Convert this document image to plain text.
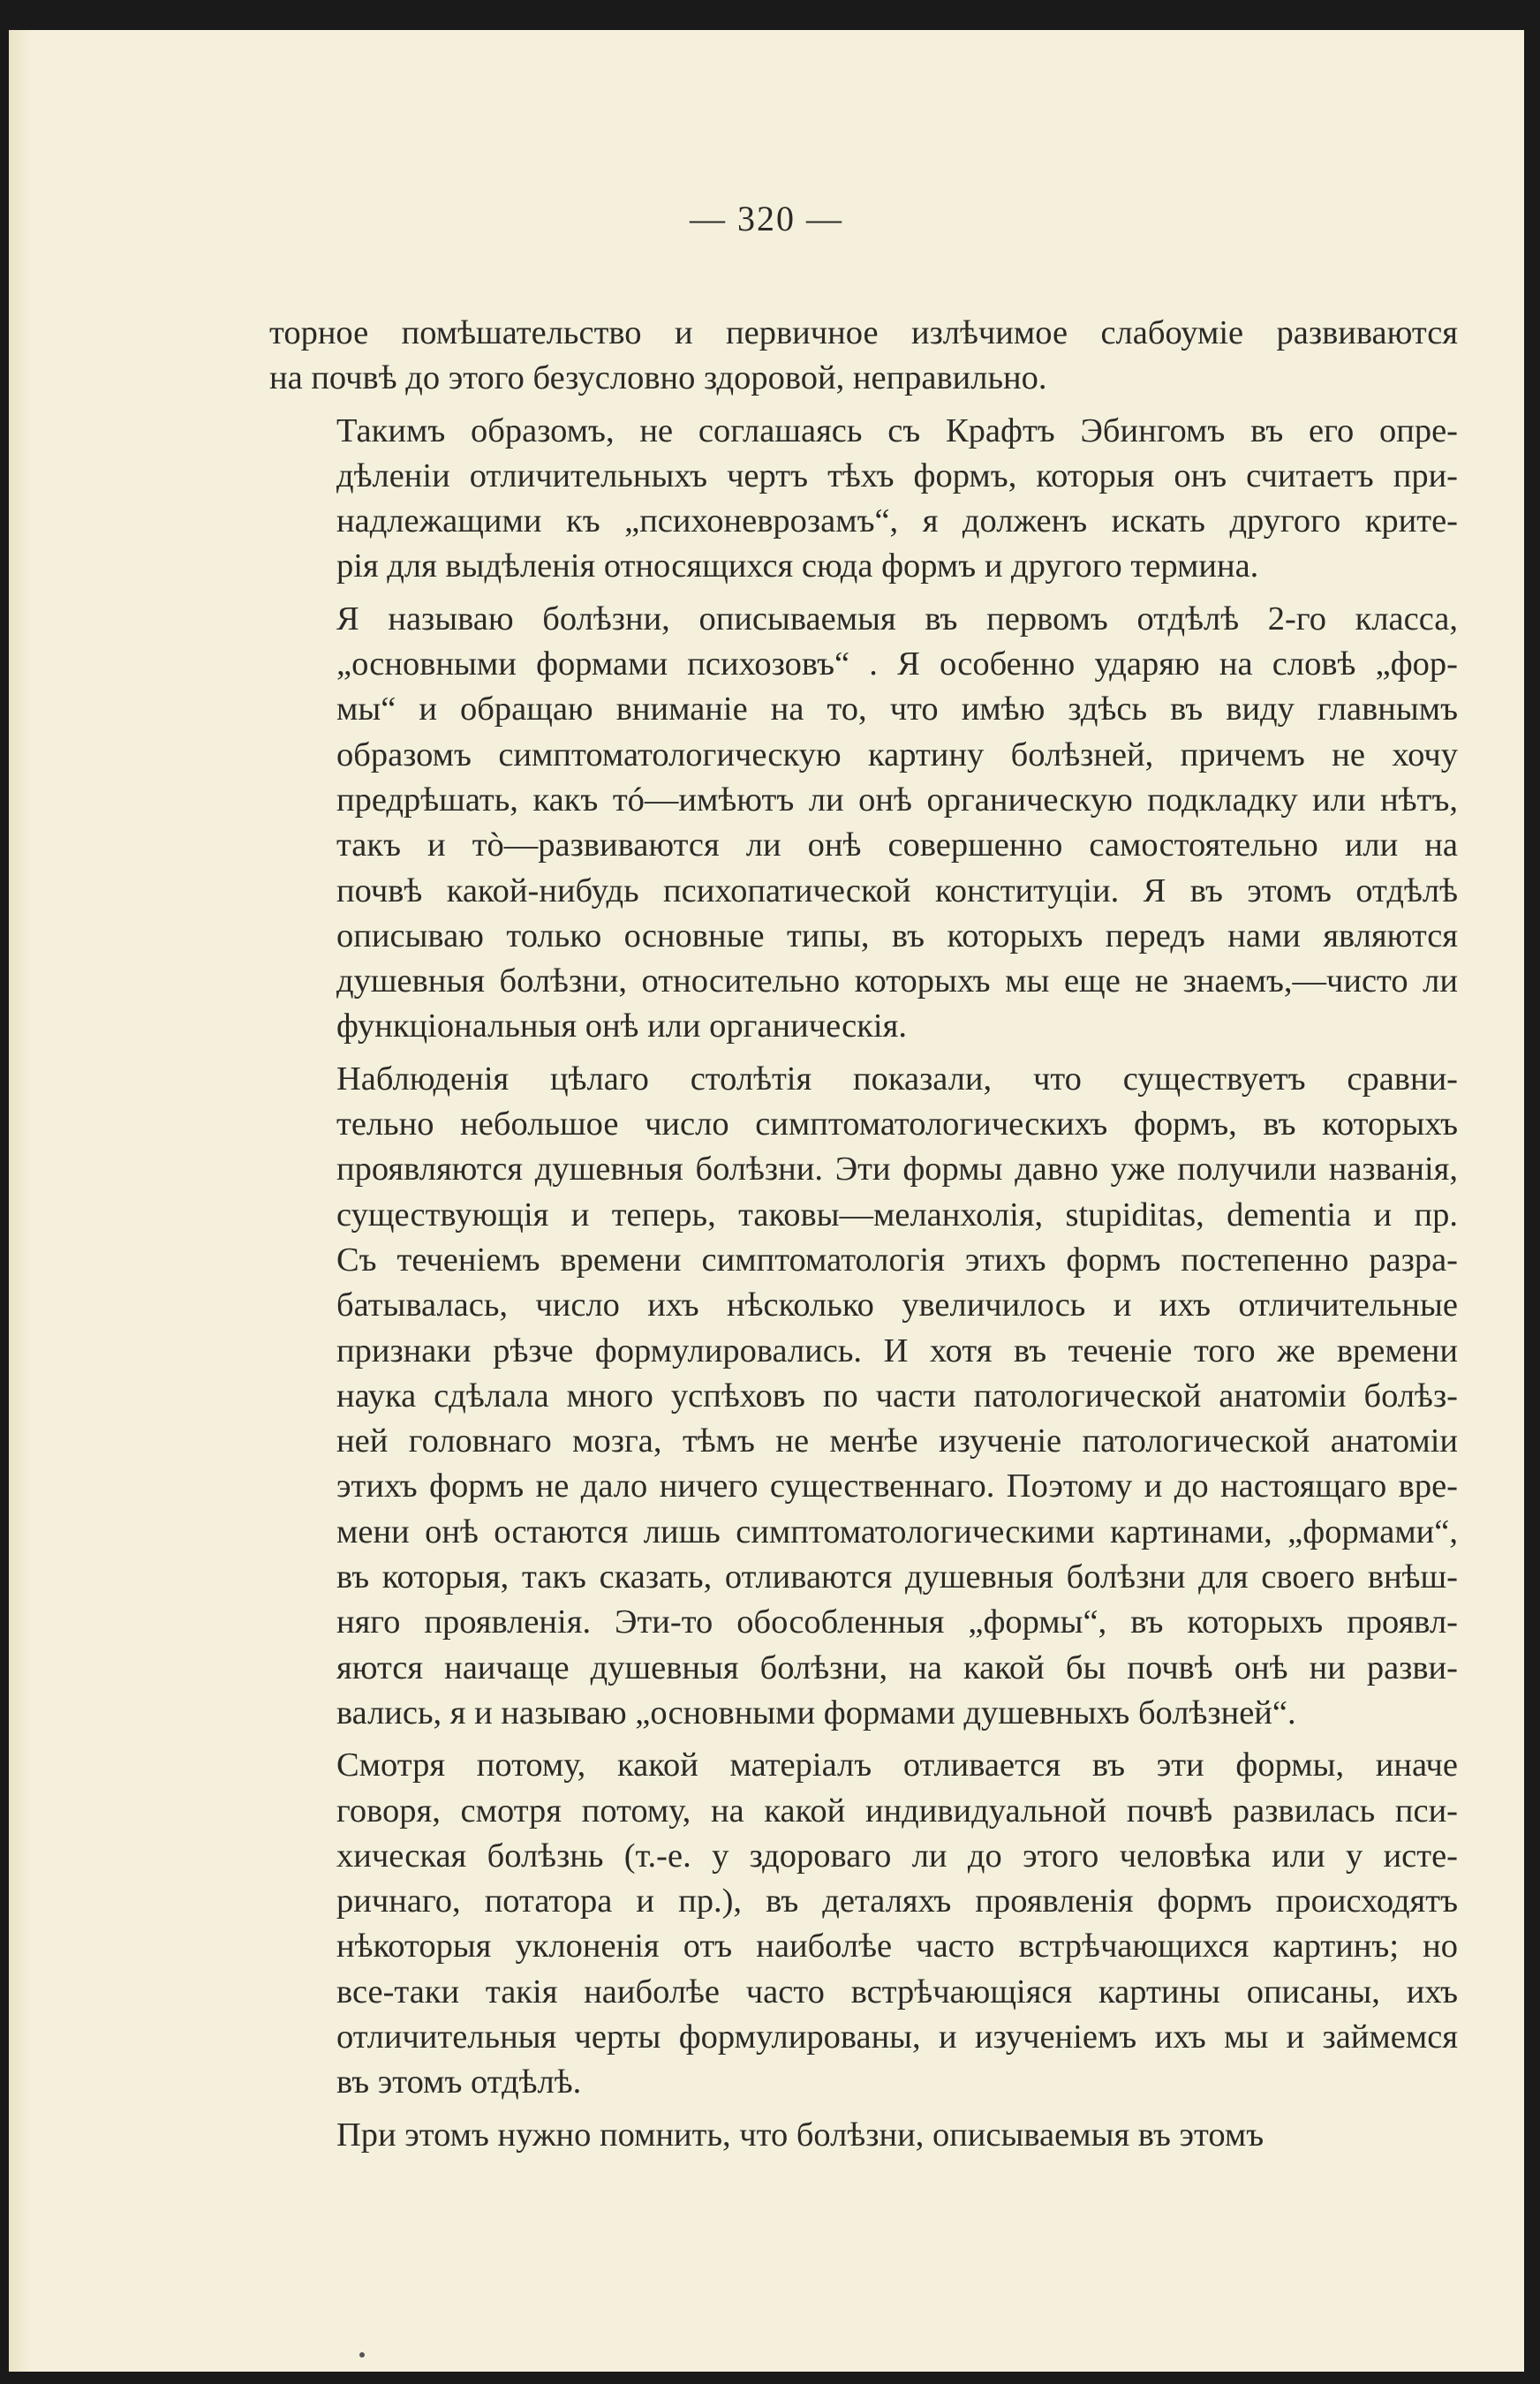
— 320 —
торное помѣшательство и первичное излѣчимое слабоуміе развиваются
на почвѣ до этого безусловно здоровой, неправильно.
Такимъ образомъ, не соглашаясь съ Крафтъ Эбингомъ въ его опре-
дѣленіи отличительныхъ чертъ тѣхъ формъ, которыя онъ считаетъ при-
надлежащими къ „психоневрозамъ“, я долженъ искать другого крите-
рія для выдѣленія относящихся сюда формъ и другого термина.
Я называю болѣзни, описываемыя въ первомъ отдѣлѣ 2-го класса,
„основными формами психозовъ“ . Я особенно ударяю на словѣ „фор-
мы“ и обращаю вниманіе на то, что имѣю здѣсь въ виду главнымъ
образомъ симптоматологическую картину болѣзней, причемъ не хочу
предрѣшать, какъ тó—имѣютъ ли онѣ органическую подкладку или нѣтъ,
такъ и тò—развиваются ли онѣ совершенно самостоятельно или на
почвѣ какой-нибудь психопатической конституціи. Я въ этомъ отдѣлѣ
описываю только основные типы, въ которыхъ передъ нами являются
душевныя болѣзни, относительно которыхъ мы еще не знаемъ,—чисто ли
функціональныя онѣ или органическія.
Наблюденія цѣлаго столѣтія показали, что существуетъ сравни-
тельно небольшое число симптоматологическихъ формъ, въ которыхъ
проявляются душевныя болѣзни. Эти формы давно уже получили названія,
существующія и теперь, таковы—меланхолія, stupiditas, dementia и пр.
Съ теченіемъ времени симптоматологія этихъ формъ постепенно разра-
батывалась, число ихъ нѣсколько увеличилось и ихъ отличительные
признаки рѣзче формулировались. И хотя въ теченіе того же времени
наука сдѣлала много успѣховъ по части патологической анатоміи болѣз-
ней головнаго мозга, тѣмъ не менѣе изученіе патологической анатоміи
этихъ формъ не дало ничего существеннаго. Поэтому и до настоящаго вре-
мени онѣ остаются лишь симптоматологическими картинами, „формами“,
въ которыя, такъ сказать, отливаются душевныя болѣзни для своего внѣш-
няго проявленія. Эти-то обособленныя „формы“, въ которыхъ проявл-
яются наичаще душевныя болѣзни, на какой бы почвѣ онѣ ни разви-
вались, я и называю „основными формами душевныхъ болѣзней“.
Смотря потому, какой матеріалъ отливается въ эти формы, иначе
говоря, смотря потому, на какой индивидуальной почвѣ развилась пси-
хическая болѣзнь (т.-е. у здороваго ли до этого человѣка или у исте-
ричнаго, потатора и пр.), въ деталяхъ проявленія формъ происходятъ
нѣкоторыя уклоненія отъ наиболѣе часто встрѣчающихся картинъ; но
все-таки такія наиболѣе часто встрѣчающіяся картины описаны, ихъ
отличительныя черты формулированы, и изученіемъ ихъ мы и займемся
въ этомъ отдѣлѣ.
При этомъ нужно помнить, что болѣзни, описываемыя въ этомъ
